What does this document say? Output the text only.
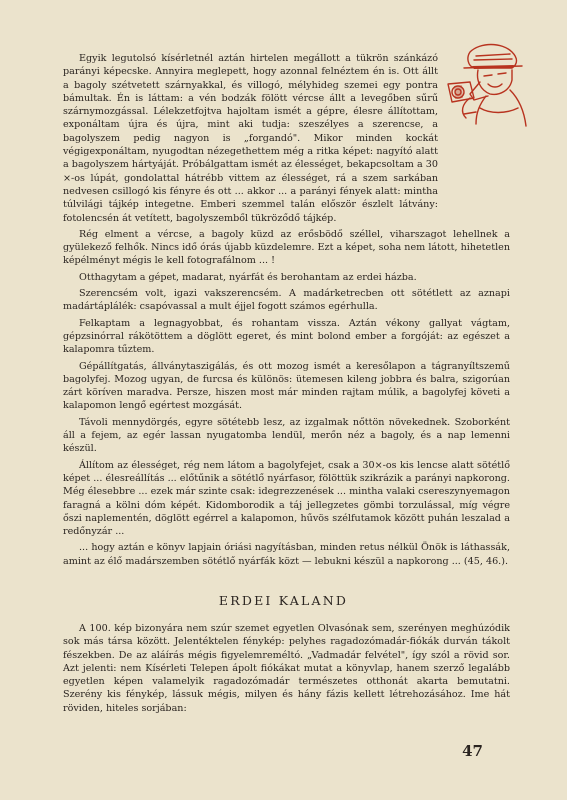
Egyik legutolsó kísérletnél aztán hirtelen megállott a tükrön szánkázó parányi képecske. Annyira meglepett, hogy azonnal felnéztem én is. Ott állt a bagoly szétvetett szárnyakkal, és villogó, mélyhideg szemei egy pontra bámultak. Én is láttam: a vén bodzák fölött vércse állt a levegőben sűrű szárnymozgással. Lélekzetfojtva hajoltam ismét a gépre, élesre állítottam, exponáltam újra és újra, mint aki tudja: szeszélyes a szerencse, a bagolyszem pedig nagyon is „forgandó". Mikor minden kockát végigexponáltam, nyugodtan nézegethettem még a ritka képet: nagyító alatt a bagolyszem hártyáját. Próbálgattam ismét az élességet, bekapcsoltam a 30 ×-os lúpát, gondolattal hátrébb vittem az élességet, rá a szem sarkában nedvesen csillogó kis fényre és ott ... akkor ... a parányi fények alatt: mintha túlvilági tájkép integetne. Emberi szemmel talán először észlelt látvány: fotolencsén át vetített, bagolyszemből tükröződő tájkép.

Rég elment a vércse, a bagoly küzd az erősbödő széllel, viharszagot lehellnek a gyülekező felhők. Nincs idő órás újabb küzdelemre. Ezt a képet, soha nem látott, hihetetlen képélményt mégis le kell fotografálnom ... !

Otthagytam a gépet, madarat, nyárfát és berohantam az erdei házba.

Szerencsém volt, igazi vakszerencsém. A madárketrecben ott sötétlett az aznapi madártáplálék: csapóvassal a mult éjjel fogott számos egérhulla.

Felkaptam a legnagyobbat, és rohantam vissza. Aztán vékony gallyat vágtam, gépzsinórral rákötöttem a döglött egeret, és mint bolond ember a forgóját: az egészet a kalapomra tűztem.

Gépállítgatás, állványtaszigálás, és ott mozog ismét a keresőlapon a tágranyíltszemű bagolyfej. Mozog ugyan, de furcsa és különös: ütemesen kileng jobbra és balra, szigorúan zárt köríven maradva. Persze, hiszen most már minden rajtam múlik, a bagolyfej követi a kalapomon lengő egértest mozgását.

Távoli mennydörgés, egyre sötétebb lesz, az izgalmak nőttön növekednek. Szoborként áll a fejem, az egér lassan nyugatomba lendül, merőn néz a bagoly, és a nap lemenni készül.

Állítom az élességet, rég nem látom a bagolyfejet, csak a 30×-os kis lencse alatt sötétlő képet ... élesreállítás ... előtűnik a sötétlő nyárfasor, fölöttük szikrázik a parányi napkorong. Még élesebbre ... ezek már szinte csak: idegrezzenések ... mintha valaki csereszynyemagon faragná a kölni dóm képét. Kidomborodik a táj jellegzetes gömbi torzulással, míg végre őszi naplementén, döglött egérrel a kalapomon, hűvös szélfutamok között puhán leszalad a redőnyzár ...

... hogy aztán e könyv lapjain óriási nagyításban, minden retus nélkül Önök is láthassák, amint az élő madárszemben sötétlő nyárfák közt — lebukni készül a napkorong ... (45, 46.).

ERDEI KALAND

A 100. kép bizonyára nem szúr szemet egyetlen Olvasónak sem, szerényen meghúzódik sok más társa között. Jelentéktelen fénykép: pelyhes ragadozómadár-fiókák durván tákolt fészekben. De az aláírás mégis figyelemreméltó. „Vadmadár felvétel", így szól a rövid sor. Azt jelenti: nem Kísérleti Telepen ápolt fiókákat mutat a könyvlap, hanem szerző legalább egyetlen képen valamelyik ragadozómadár természetes otthonát akarta bemutatni. Szerény kis fénykép, lássuk mégis, milyen és hány fázis kellett létrehozásához. Ime hát röviden, hiteles sorjában:

47
